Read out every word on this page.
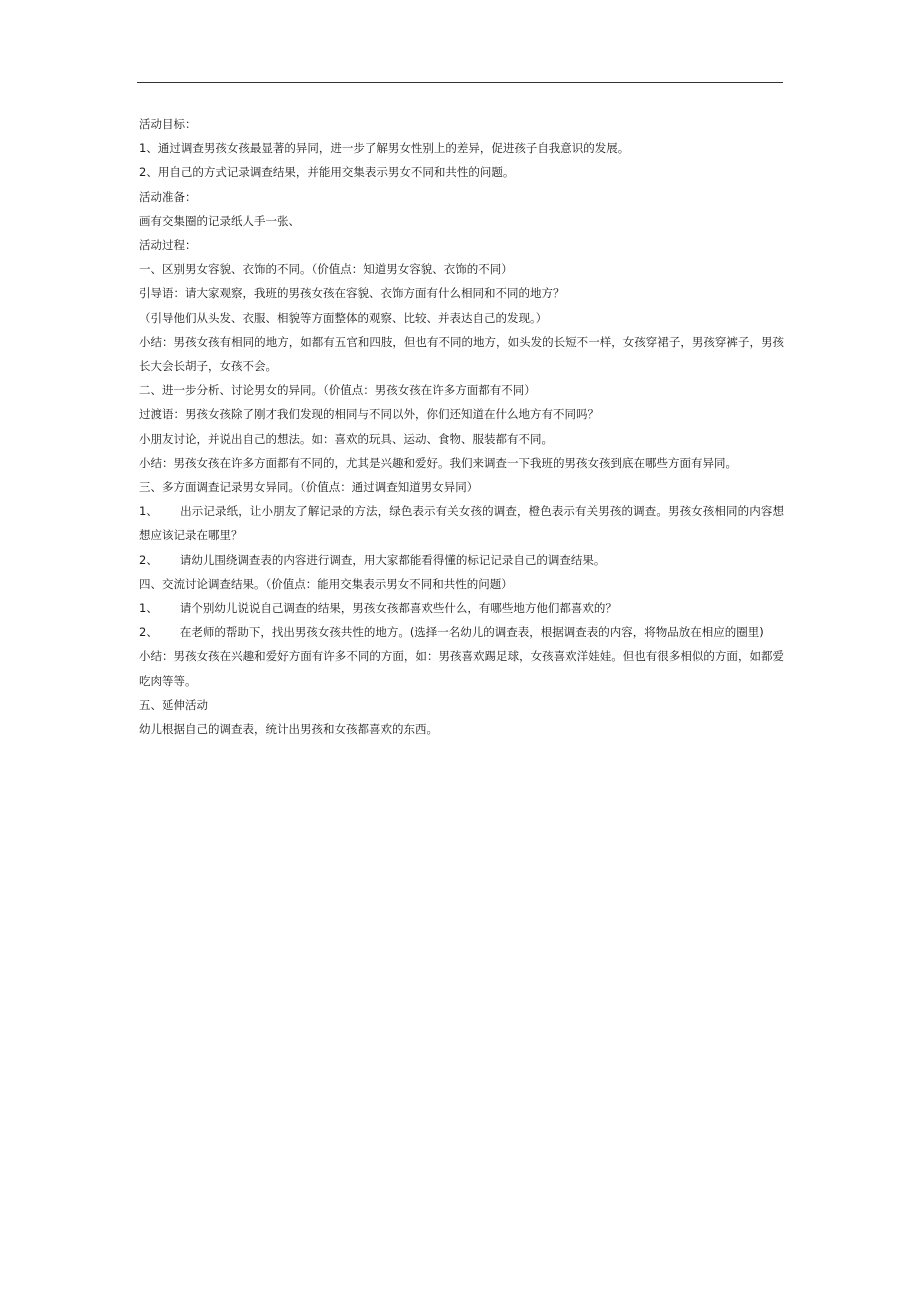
活动目标：

1、通过调查男孩女孩最显著的异同，进一步了解男女性别上的差异，促进孩子自我意识的发展。

2、用自己的方式记录调查结果，并能用交集表示男女不同和共性的问题。

活动准备：

画有交集圈的记录纸人手一张、

活动过程：

一、区别男女容貌、衣饰的不同。（价值点：知道男女容貌、衣饰的不同）

引导语：请大家观察，我班的男孩女孩在容貌、衣饰方面有什么相同和不同的地方？

（引导他们从头发、衣服、相貌等方面整体的观察、比较、并表达自己的发现。）

小结：男孩女孩有相同的地方，如都有五官和四肢，但也有不同的地方，如头发的长短不一样，女孩穿裙子，男孩穿裤子，男孩长大会长胡子，女孩不会。

二、进一步分析、讨论男女的异同。（价值点：男孩女孩在许多方面都有不同）

过渡语：男孩女孩除了刚才我们发现的相同与不同以外，你们还知道在什么地方有不同吗？

小朋友讨论，并说出自己的想法。如：喜欢的玩具、运动、食物、服装都有不同。

小结：男孩女孩在许多方面都有不同的，尤其是兴趣和爱好。我们来调查一下我班的男孩女孩到底在哪些方面有异同。

三、多方面调查记录男女异同。（价值点：通过调查知道男女异同）

1、 出示记录纸，让小朋友了解记录的方法，绿色表示有关女孩的调查，橙色表示有关男孩的调查。男孩女孩相同的内容想想应该记录在哪里？

2、 请幼儿围绕调查表的内容进行调查，用大家都能看得懂的标记记录自己的调查结果。

四、交流讨论调查结果。（价值点：能用交集表示男女不同和共性的问题）

1、 请个别幼儿说说自己调查的结果，男孩女孩都喜欢些什么，有哪些地方他们都喜欢的？

2、 在老师的帮助下，找出男孩女孩共性的地方。(选择一名幼儿的调查表，根据调查表的内容，将物品放在相应的圈里)

小结：男孩女孩在兴趣和爱好方面有许多不同的方面，如：男孩喜欢踢足球，女孩喜欢洋娃娃。但也有很多相似的方面，如都爱吃肉等等。

五、延伸活动

幼儿根据自己的调查表，统计出男孩和女孩都喜欢的东西。
